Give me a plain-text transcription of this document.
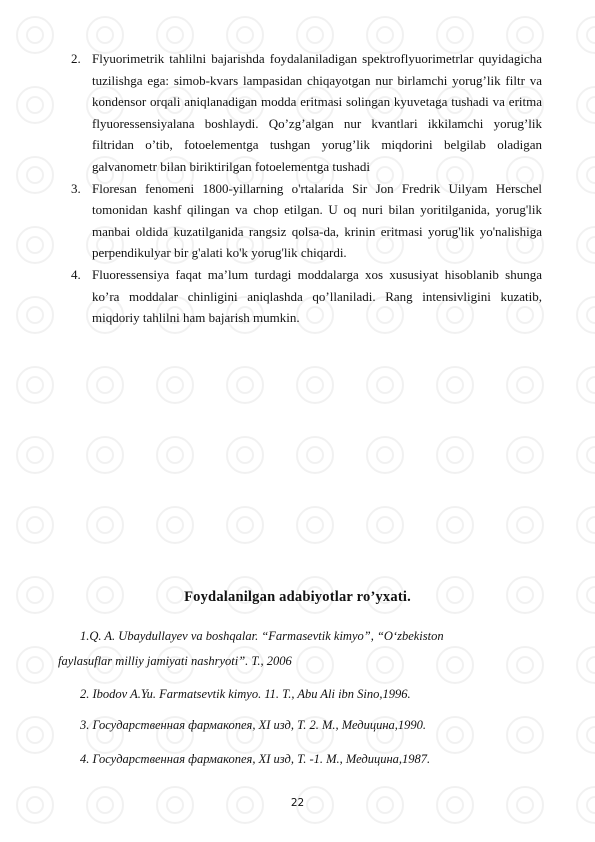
2. Flyuorimetrik tahlilni bajarishda foydalaniladigan spektroflyuorimetrlar quyidagicha tuzilishga ega: simob-kvars lampasidan chiqayotgan nur birlamchi yorug’lik filtr va kondensor orqali aniqlanadigan modda eritmasi solingan kyuvetaga tushadi va eritma flyuoressensiyalana boshlaydi. Qo’zg’algan nur kvantlari ikkilamchi yorug’lik filtridan o’tib, fotoelementga tushgan yorug’lik miqdorini belgilab oladigan galvanometr bilan biriktirilgan fotoelementga tushadi

3. Floresan fenomeni 1800-yillarning o'rtalarida Sir Jon Fredrik Uilyam Herschel tomonidan kashf qilingan va chop etilgan. U oq nuri bilan yoritilganida, yorug'lik manbai oldida kuzatilganida rangsiz qolsa-da, krinin eritmasi yorug'lik yo'nalishiga perpendikulyar bir g'alati ko'k yorug'lik chiqardi.

4. Fluoressensiya faqat ma’lum turdagi moddalarga xos xususiyat hisoblanib shunga ko’ra moddalar chinligini aniqlashda qo’llaniladi. Rang intensivligini kuzatib, miqdoriy tahlilni ham bajarish mumkin.

Foydalanilgan adabiyotlar ro’yxati.
1.Q. A. Ubaydullayev va boshqalar. “Farmasevtik kimyo”, “O‘zbekiston
faylasuflar milliy jamiyati nashryoti”. T., 2006
2. Ibodov A.Yu. Farmatsevtik kimyo. 11. T., Abu Ali ibn Sino,1996.
3. Государственная фармакопея, XI изд, Т. 2. М., Медицина,1990.
4. Государственная фармакопея, XI изд, Т. -1. М., Медицина,1987.
22
